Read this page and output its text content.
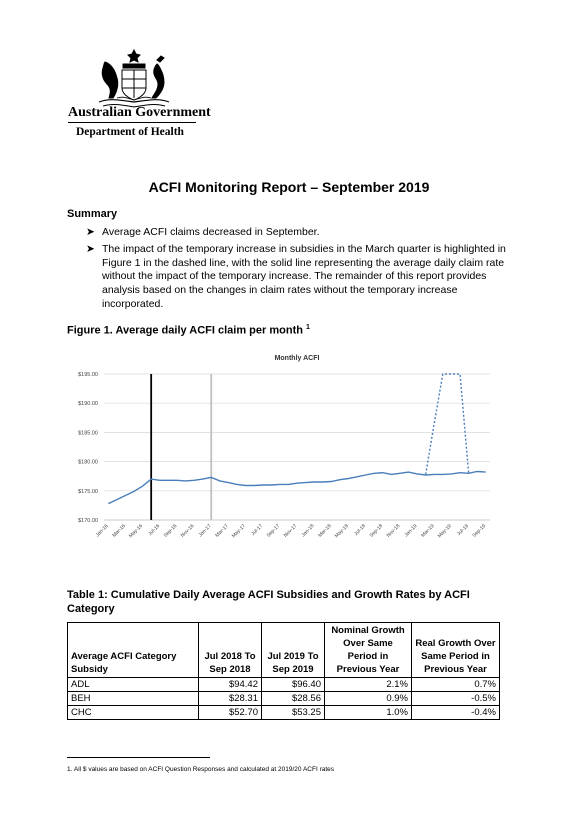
Australian Government
Department of Health
ACFI Monitoring Report – September 2019
Summary
➤ Average ACFI claims decreased in September.
➤ The impact of the temporary increase in subsidies in the March quarter is highlighted in Figure 1 in the dashed line, with the solid line representing the average daily claim rate without the impact of the temporary increase. The remainder of this report provides analysis based on the changes in claim rates without the temporary increase incorporated.
Figure 1. Average daily ACFI claim per month $^1$
Monthly ACFI
$170.00
$175.00
$180.00
$185.00
$190.00
$195.00
Jan-16 Mar-16 May-16 Jul-16 Sep-16 Nov-16 Jan-17 Mar-17 May-17 Jul-17 Sep-17 Nov-17 Jan-18 Mar-18 May-18 Jul-18 Sep-18 Nov-18 Jan-19 Mar-19 May-19 Jul-19 Sep-19
Table 1: Cumulative Daily Average ACFI Subsidies and Growth Rates by ACFI Category
Average ACFI Category Subsidy	Jul 2018 To Sep 2018	Jul 2019 To Sep 2019	Nominal Growth Over Same Period in Previous Year	Real Growth Over Same Period in Previous Year
ADL	$94.42	$96.40	2.1%	0.7%
BEH	$28.31	$28.56	0.9%	-0.5%
CHC	$52.70	$53.25	1.0%	-0.4%
1. All $ values are based on ACFI Question Responses and calculated at 2019/20 ACFI rates
